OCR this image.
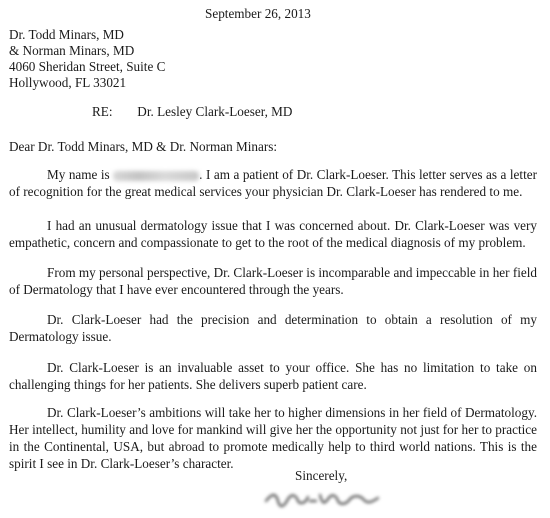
September 26, 2013
Dr. Todd Minars, MD
& Norman Minars, MD
4060 Sheridan Street, Suite C
Hollywood, FL 33021
RE: Dr. Lesley Clark-Loeser, MD
Dear Dr. Todd Minars, MD & Dr. Norman Minars:
My name is	. I am a patient of Dr. Clark-Loeser. This letter serves as a letter of recognition for the great medical services your physician Dr. Clark-Loeser has rendered to me.
I had an unusual dermatology issue that I was concerned about. Dr. Clark-Loeser was very empathetic, concern and compassionate to get to the root of the medical diagnosis of my problem.
From my personal perspective, Dr. Clark-Loeser is incomparable and impeccable in her field of Dermatology that I have ever encountered through the years.
Dr. Clark-Loeser had the precision and determination to obtain a resolution of my Dermatology issue.
Dr. Clark-Loeser is an invaluable asset to your office. She has no limitation to take on challenging things for her patients. She delivers superb patient care.
Dr. Clark-Loeser’s ambitions will take her to higher dimensions in her field of Dermatology. Her intellect, humility and love for mankind will give her the opportunity not just for her to practice in the Continental, USA, but abroad to promote medically help to third world nations. This is the spirit I see in Dr. Clark-Loeser’s character.
Sincerely,
